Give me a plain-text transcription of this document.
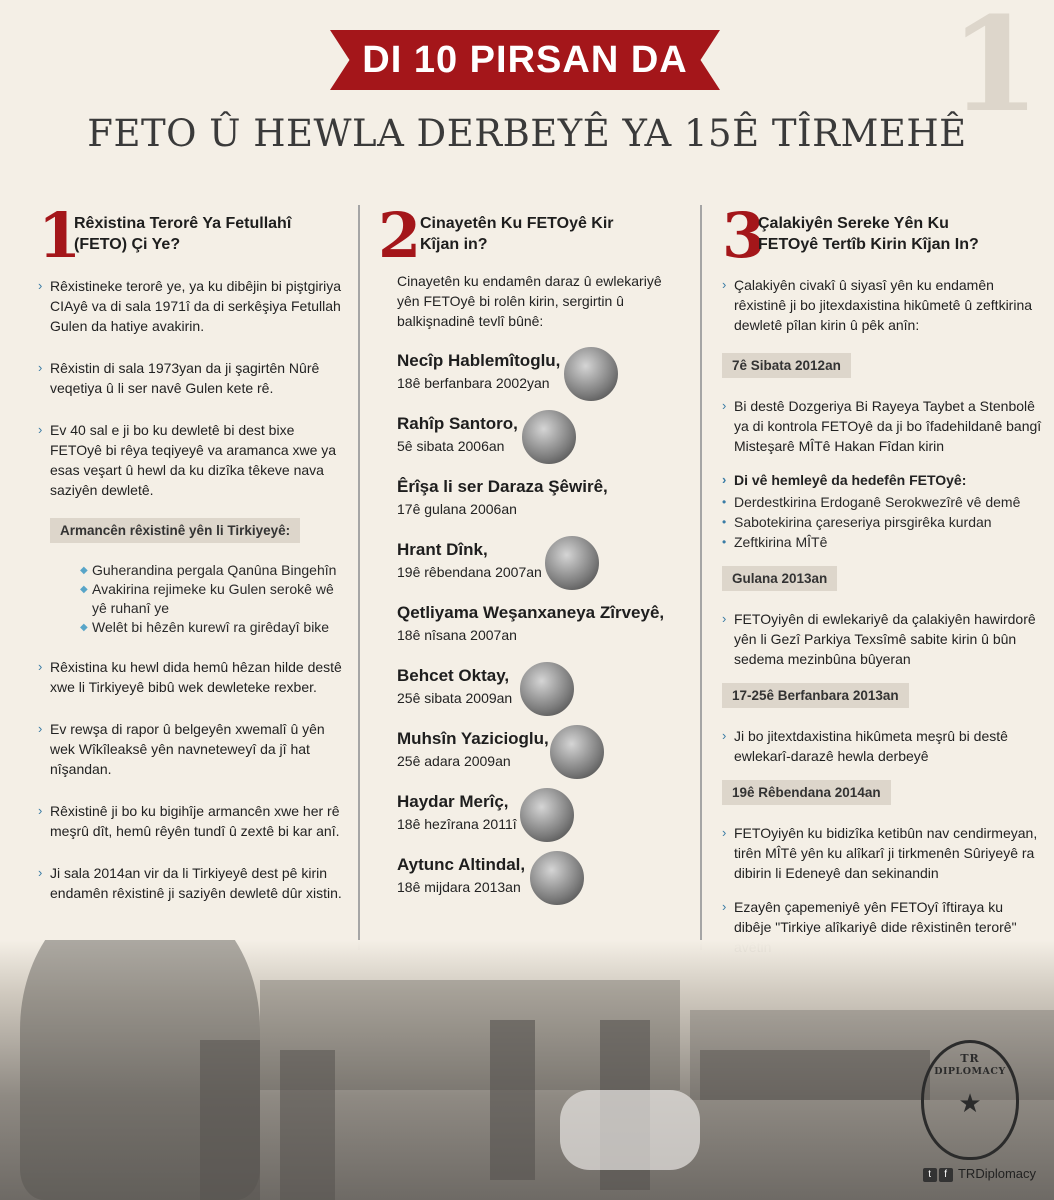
1
DI 10 PIRSAN DA
FETO Û HEWLA DERBEYÊ YA 15Ê TÎRMEHÊ
1
Rêxistina Terorê Ya Fetullahî
(FETO) Çi Ye?
› Rêxistineke terorê ye, ya ku dibêjin bi piştgiriya CIAyê va di sala 1971î da di serkêşiya Fetullah Gulen da hatiye avakirin.
› Rêxistin di sala 1973yan da ji şagirtên Nûrê veqetiya û li ser navê Gulen kete rê.
› Ev 40 sal e ji bo ku dewletê bi dest bixe FETOyê bi rêya teqiyeyê va aramanca xwe ya esas veşart û hewl da ku dizîka têkeve nava saziyên dewletê.
Armancên rêxistinê yên li Tirkiyeyê:
◆ Guherandina pergala Qanûna Bingehîn
◆ Avakirina rejimeke ku Gulen serokê wê yê ruhanî ye
◆ Welêt bi hêzên kurewî ra girêdayî bike
› Rêxistina ku hewl dida hemû hêzan hilde destê xwe li Tirkiyeyê bibû wek dewleteke rexber.
› Ev rewşa di rapor û belgeyên xwemalî û yên wek Wîkîleaksê yên navneteweyî da jî hat nîşandan.
› Rêxistinê ji bo ku bigihîje armancên xwe her rê meşrû dît, hemû rêyên tundî û zextê bi kar anî.
› Ji sala 2014an vir da li Tirkiyeyê dest pê kirin endamên rêxistinê ji saziyên dewletê dûr xistin.
2
Cinayetên Ku FETOyê Kir
Kîjan in?
Cinayetên ku endamên daraz û ewlekariyê yên FETOyê bi rolên kirin, sergirtin û balkişnadinê tevlî bûnê:
Necîp Hablemîtoglu,
18ê berfanbara 2002yan
Rahîp Santoro,
5ê sibata 2006an
Êrîşa li ser Daraza Şêwirê,
17ê gulana 2006an
Hrant Dînk,
19ê rêbendana 2007an
Qetliyama Weşanxaneya Zîrveyê,
18ê nîsana 2007an
Behcet Oktay,
25ê sibata 2009an
Muhsîn Yazicioglu,
25ê adara 2009an
Haydar Merîç,
18ê hezîrana 2011î
Aytunc Altindal,
18ê mijdara 2013an
3
Çalakiyên Sereke Yên Ku
FETOyê Tertîb Kirin Kîjan In?
› Çalakiyên civakî û siyasî yên ku endamên rêxistinê ji bo jitexdaxistina hikûmetê û zeftkirina dewletê pîlan kirin û pêk anîn:
7ê Sibata 2012an
› Bi destê Dozgeriya Bi Rayeya Taybet a Stenbolê ya di kontrola FETOyê da ji bo îfadehildanê bangî Misteşarê MÎTê Hakan Fîdan kirin
› Di vê hemleyê da hedefên FETOyê:
• Derdestkirina Erdoganê Serokwezîrê vê demê
• Sabotekirina çareseriya pirsgirêka kurdan
• Zeftkirina MÎTê
Gulana 2013an
› FETOyiyên di ewlekariyê da çalakiyên hawirdorê yên li Gezî Parkiya Texsîmê sabite kirin û bûn sedema mezinbûna bûyeran
17-25ê Berfanbara 2013an
› Ji bo jitextdaxistina hikûmeta meşrû bi destê ewlekarî-darazê hewla derbeyê
19ê Rêbendana 2014an
› FETOyiyên ku bidizîka ketibûn nav cendirmeyan, tirên MÎTê yên ku alîkarî ji tirkmenên Sûriyeyê ra dibirin li Edeneyê dan sekinandin
› Ezayên çapemeniyê yên FETOyî îftiraya ku dibêje "Tirkiye alîkariyê dide rêxistinên terorê"
TR
DIPLOMACY
★
t f TRDiplomacy
